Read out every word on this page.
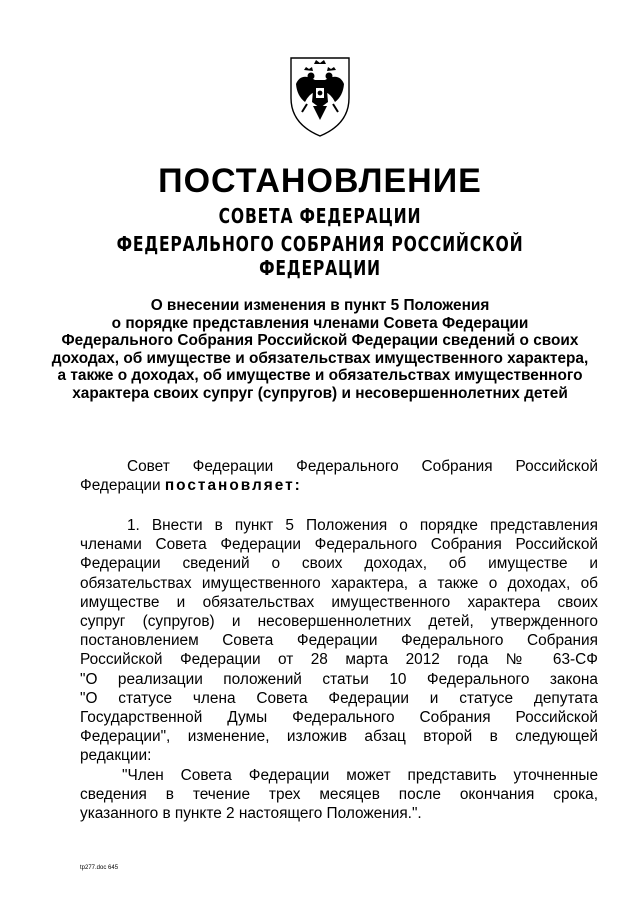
ПОСТАНОВЛЕНИЕ
СОВЕТА ФЕДЕРАЦИИ
ФЕДЕРАЛЬНОГО СОБРАНИЯ РОССИЙСКОЙ ФЕДЕРАЦИИ
О внесении изменения в пункт 5 Положения
о порядке представления членами Совета Федерации
Федерального Собрания Российской Федерации сведений о своих
доходах, об имуществе и обязательствах имущественного характера,
а также о доходах, об имуществе и обязательствах имущественного
характера своих супруг (супругов) и несовершеннолетних детей
Совет Федерации Федерального Собрания Российской
Федерации постановляет:
1. Внести в пункт 5 Положения о порядке представления
членами Совета Федерации Федерального Собрания Российской
Федерации сведений о своих доходах, об имуществе и
обязательствах имущественного характера, а также о доходах, об
имуществе и обязательствах имущественного характера своих
супруг (супругов) и несовершеннолетних детей, утвержденного
постановлением Совета Федерации Федерального Собрания
Российской Федерации от 28 марта 2012 года № 63-СФ
"О реализации положений статьи 10 Федерального закона
"О статусе члена Совета Федерации и статусе депутата
Государственной Думы Федерального Собрания Российской
Федерации", изменение, изложив абзац второй в следующей
редакции:
"Член Совета Федерации может представить уточненные
сведения в течение трех месяцев после окончания срока,
указанного в пункте 2 настоящего Положения.".
tp277.doc 645
